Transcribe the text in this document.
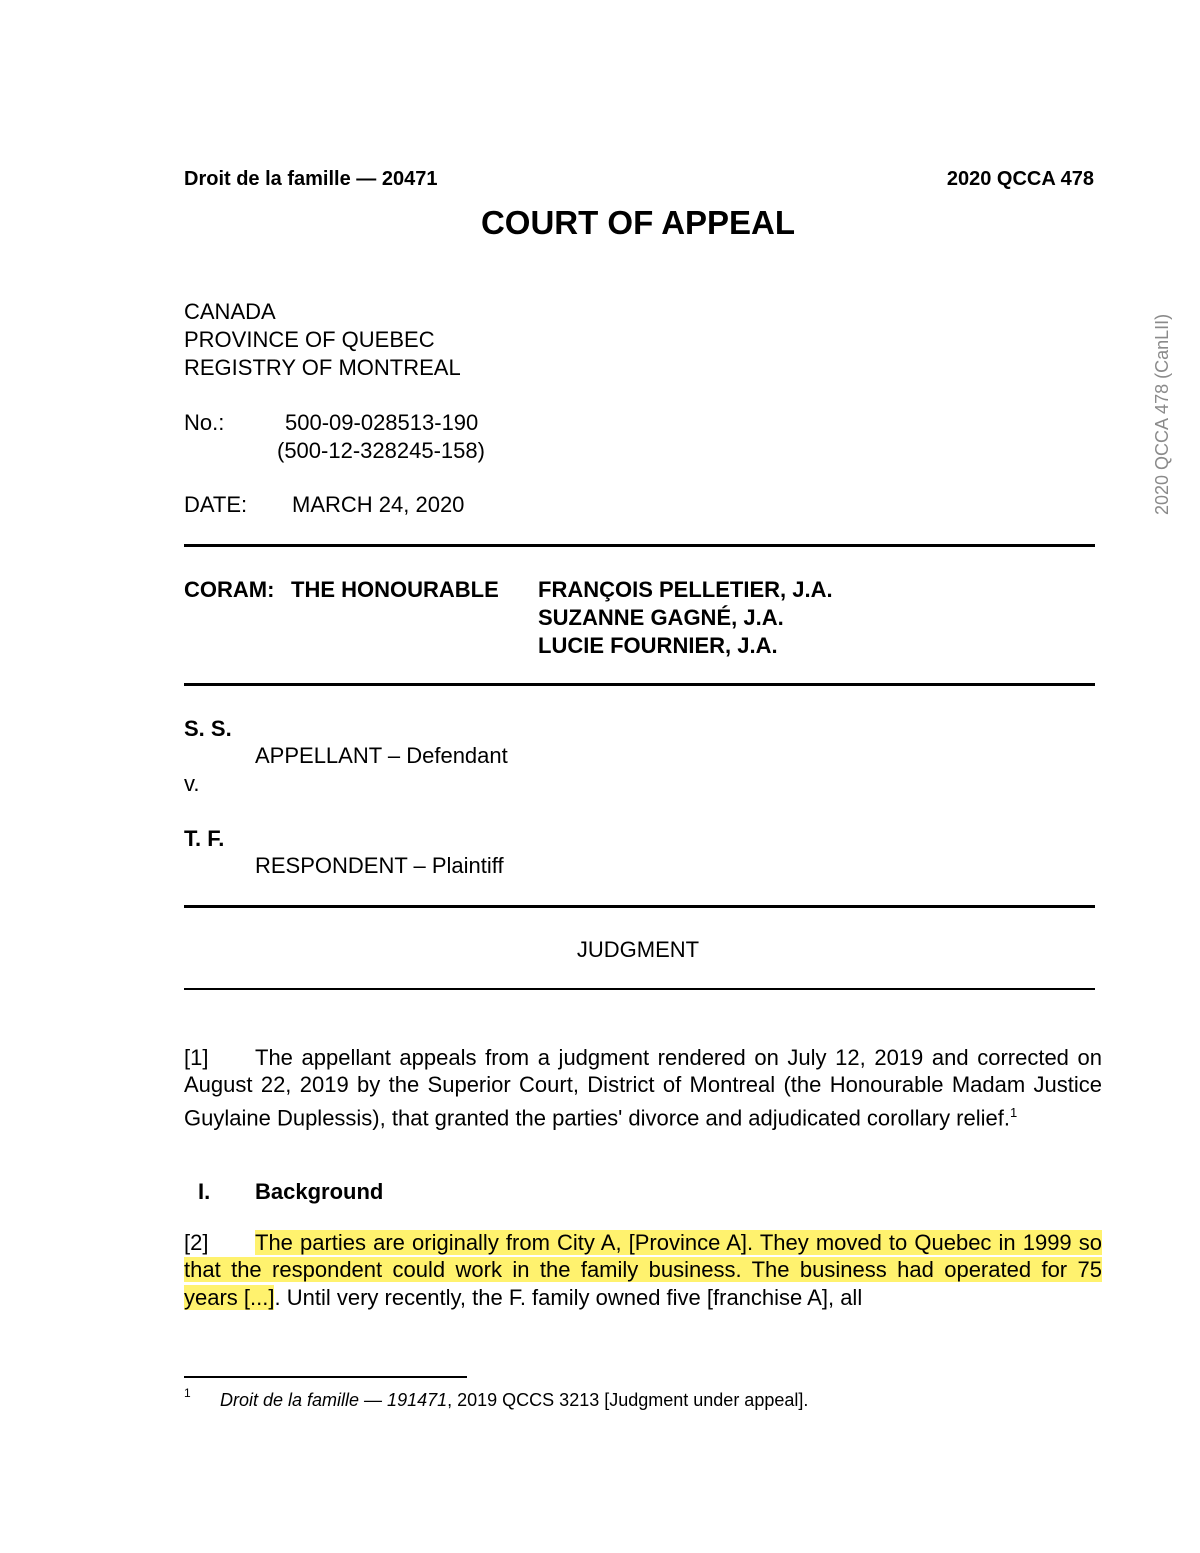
2020 QCCA 478 (CanLII)
Droit de la famille — 20471	2020 QCCA 478
COURT OF APPEAL
CANADA
PROVINCE OF QUEBEC
REGISTRY OF MONTREAL
No.:	500-09-028513-190
(500-12-328245-158)
DATE: MARCH 24, 2020
CORAM: THE HONOURABLE FRANÇOIS PELLETIER, J.A.
SUZANNE GAGNÉ, J.A.
LUCIE FOURNIER, J.A.
S. S.
APPELLANT – Defendant
v.
T. F.
RESPONDENT – Plaintiff
JUDGMENT
[1] The appellant appeals from a judgment rendered on July 12, 2019 and corrected on August 22, 2019 by the Superior Court, District of Montreal (the Honourable Madam Justice Guylaine Duplessis), that granted the parties' divorce and adjudicated corollary relief.$^1$
I. Background
[2] The parties are originally from City A, [Province A]. They moved to Quebec in 1999 so that the respondent could work in the family business. The business had operated for 75 years [...]. Until very recently, the F. family owned five [franchise A], all
1 Droit de la famille — 191471, 2019 QCCS 3213 [Judgment under appeal].
